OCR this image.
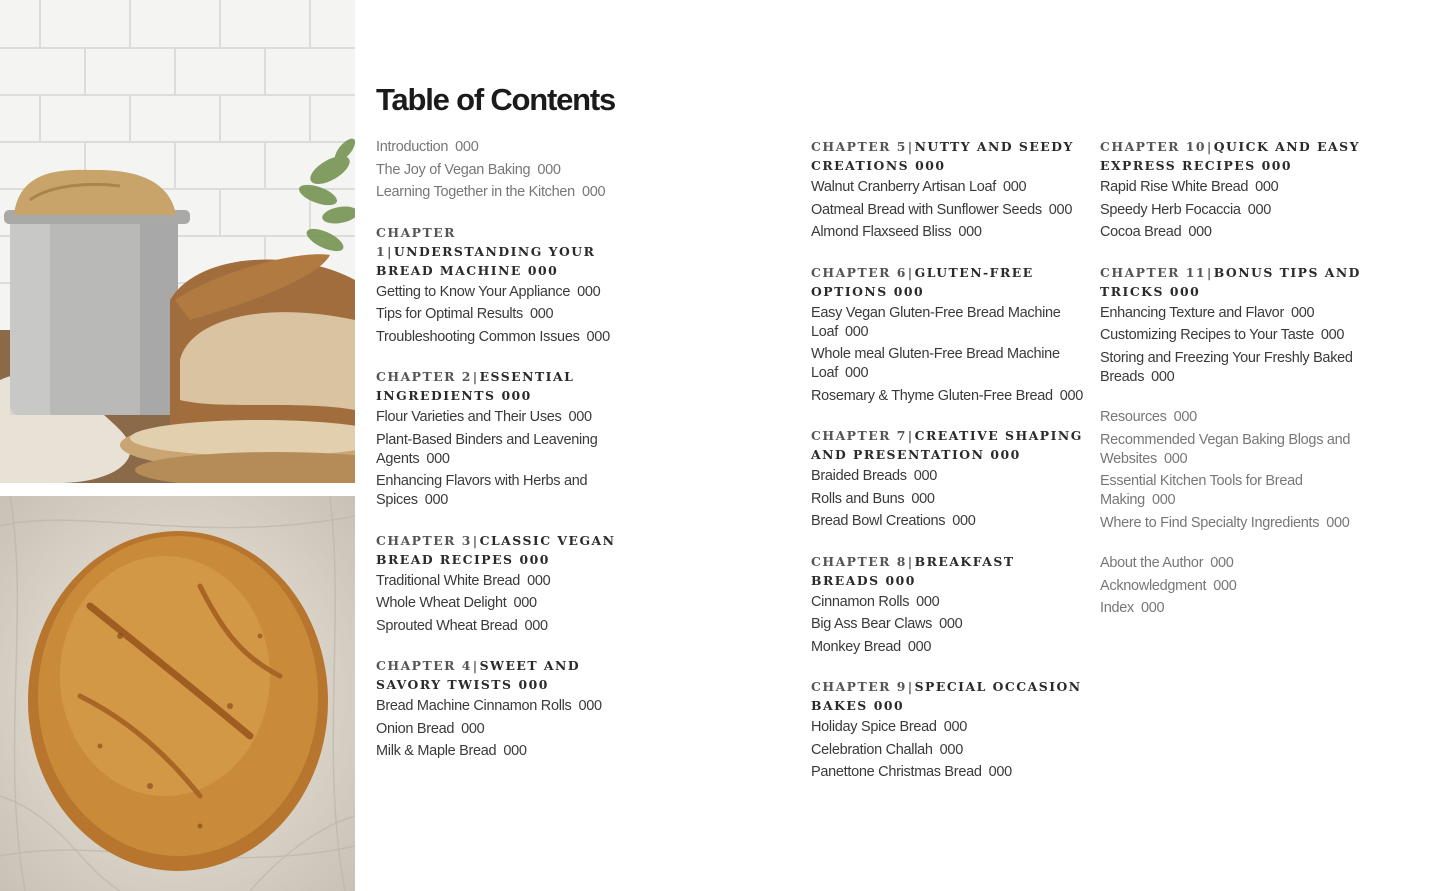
Table of Contents
Introduction 000
The Joy of Vegan Baking 000
Learning Together in the Kitchen 000
CHAPTER 1|UNDERSTANDING YOUR BREAD MACHINE 000
Getting to Know Your Appliance 000
Tips for Optimal Results 000
Troubleshooting Common Issues 000
CHAPTER 2|ESSENTIAL INGREDIENTS 000
Flour Varieties and Their Uses 000
Plant-Based Binders and Leavening Agents 000
Enhancing Flavors with Herbs and Spices 000
CHAPTER 3|CLASSIC VEGAN BREAD RECIPES 000
Traditional White Bread 000
Whole Wheat Delight 000
Sprouted Wheat Bread 000
CHAPTER 4|SWEET AND SAVORY TWISTS 000
Bread Machine Cinnamon Rolls 000
Onion Bread 000
Milk & Maple Bread 000
CHAPTER 5|NUTTY AND SEEDY CREATIONS 000
Walnut Cranberry Artisan Loaf 000
Oatmeal Bread with Sunflower Seeds 000
Almond Flaxseed Bliss 000
CHAPTER 6|GLUTEN-FREE OPTIONS 000
Easy Vegan Gluten-Free Bread Machine Loaf 000
Whole meal Gluten-Free Bread Machine Loaf 000
Rosemary & Thyme Gluten-Free Bread 000
CHAPTER 7|CREATIVE SHAPING AND PRESENTATION 000
Braided Breads 000
Rolls and Buns 000
Bread Bowl Creations 000
CHAPTER 8|BREAKFAST BREADS 000
Cinnamon Rolls 000
Big Ass Bear Claws 000
Monkey Bread 000
CHAPTER 9|SPECIAL OCCASION BAKES 000
Holiday Spice Bread 000
Celebration Challah 000
Panettone Christmas Bread 000
CHAPTER 10|QUICK AND EASY EXPRESS RECIPES 000
Rapid Rise White Bread 000
Speedy Herb Focaccia 000
Cocoa Bread 000
CHAPTER 11|BONUS TIPS AND TRICKS 000
Enhancing Texture and Flavor 000
Customizing Recipes to Your Taste 000
Storing and Freezing Your Freshly Baked Breads 000
Resources 000
Recommended Vegan Baking Blogs and Websites 000
Essential Kitchen Tools for Bread Making 000
Where to Find Specialty Ingredients 000
About the Author 000
Acknowledgment 000
Index 000
